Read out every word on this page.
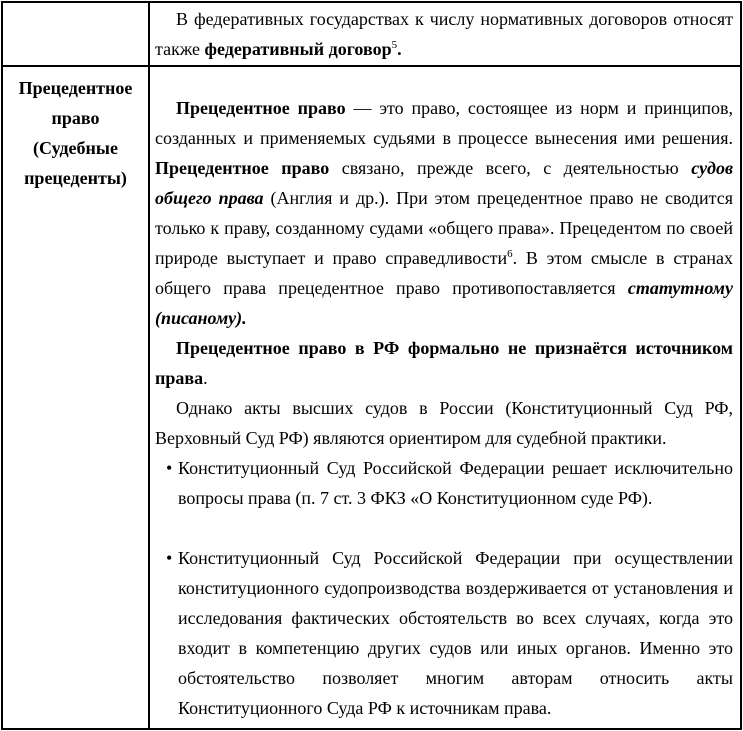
	В федеративных государствах к числу нормативных договоров относят также федеративный договор$^5$.

Прецедентное право (Судебные прецеденты)	Прецедентное право — это право, состоящее из норм и принципов, созданных и применяемых судьями в процессе вынесения ими решения. Прецедентное право связано, прежде всего, с деятельностью судов общего права (Англия и др.). При этом прецедентное право не сводится только к праву, созданному судами «общего права». Прецедентом по своей природе выступает и право справедливости$^6$. В этом смысле в странах общего права прецедентное право противопоставляется статутному (писаному).

Прецедентное право в РФ формально не признаётся источником права.

Однако акты высших судов в России (Конституционный Суд РФ, Верховный Суд РФ) являются ориентиром для судебной практики.

• Конституционный Суд Российской Федерации решает исключительно вопросы права (п. 7 ст. 3 ФКЗ «О Конституционном суде РФ).
• Конституционный Суд Российской Федерации при осуществлении конституционного судопроизводства воздерживается от установления и исследования фактических обстоятельств во всех случаях, когда это входит в компетенцию других судов или иных органов. Именно это обстоятельство позволяет многим авторам относить акты Конституционного Суда РФ к источникам права.
